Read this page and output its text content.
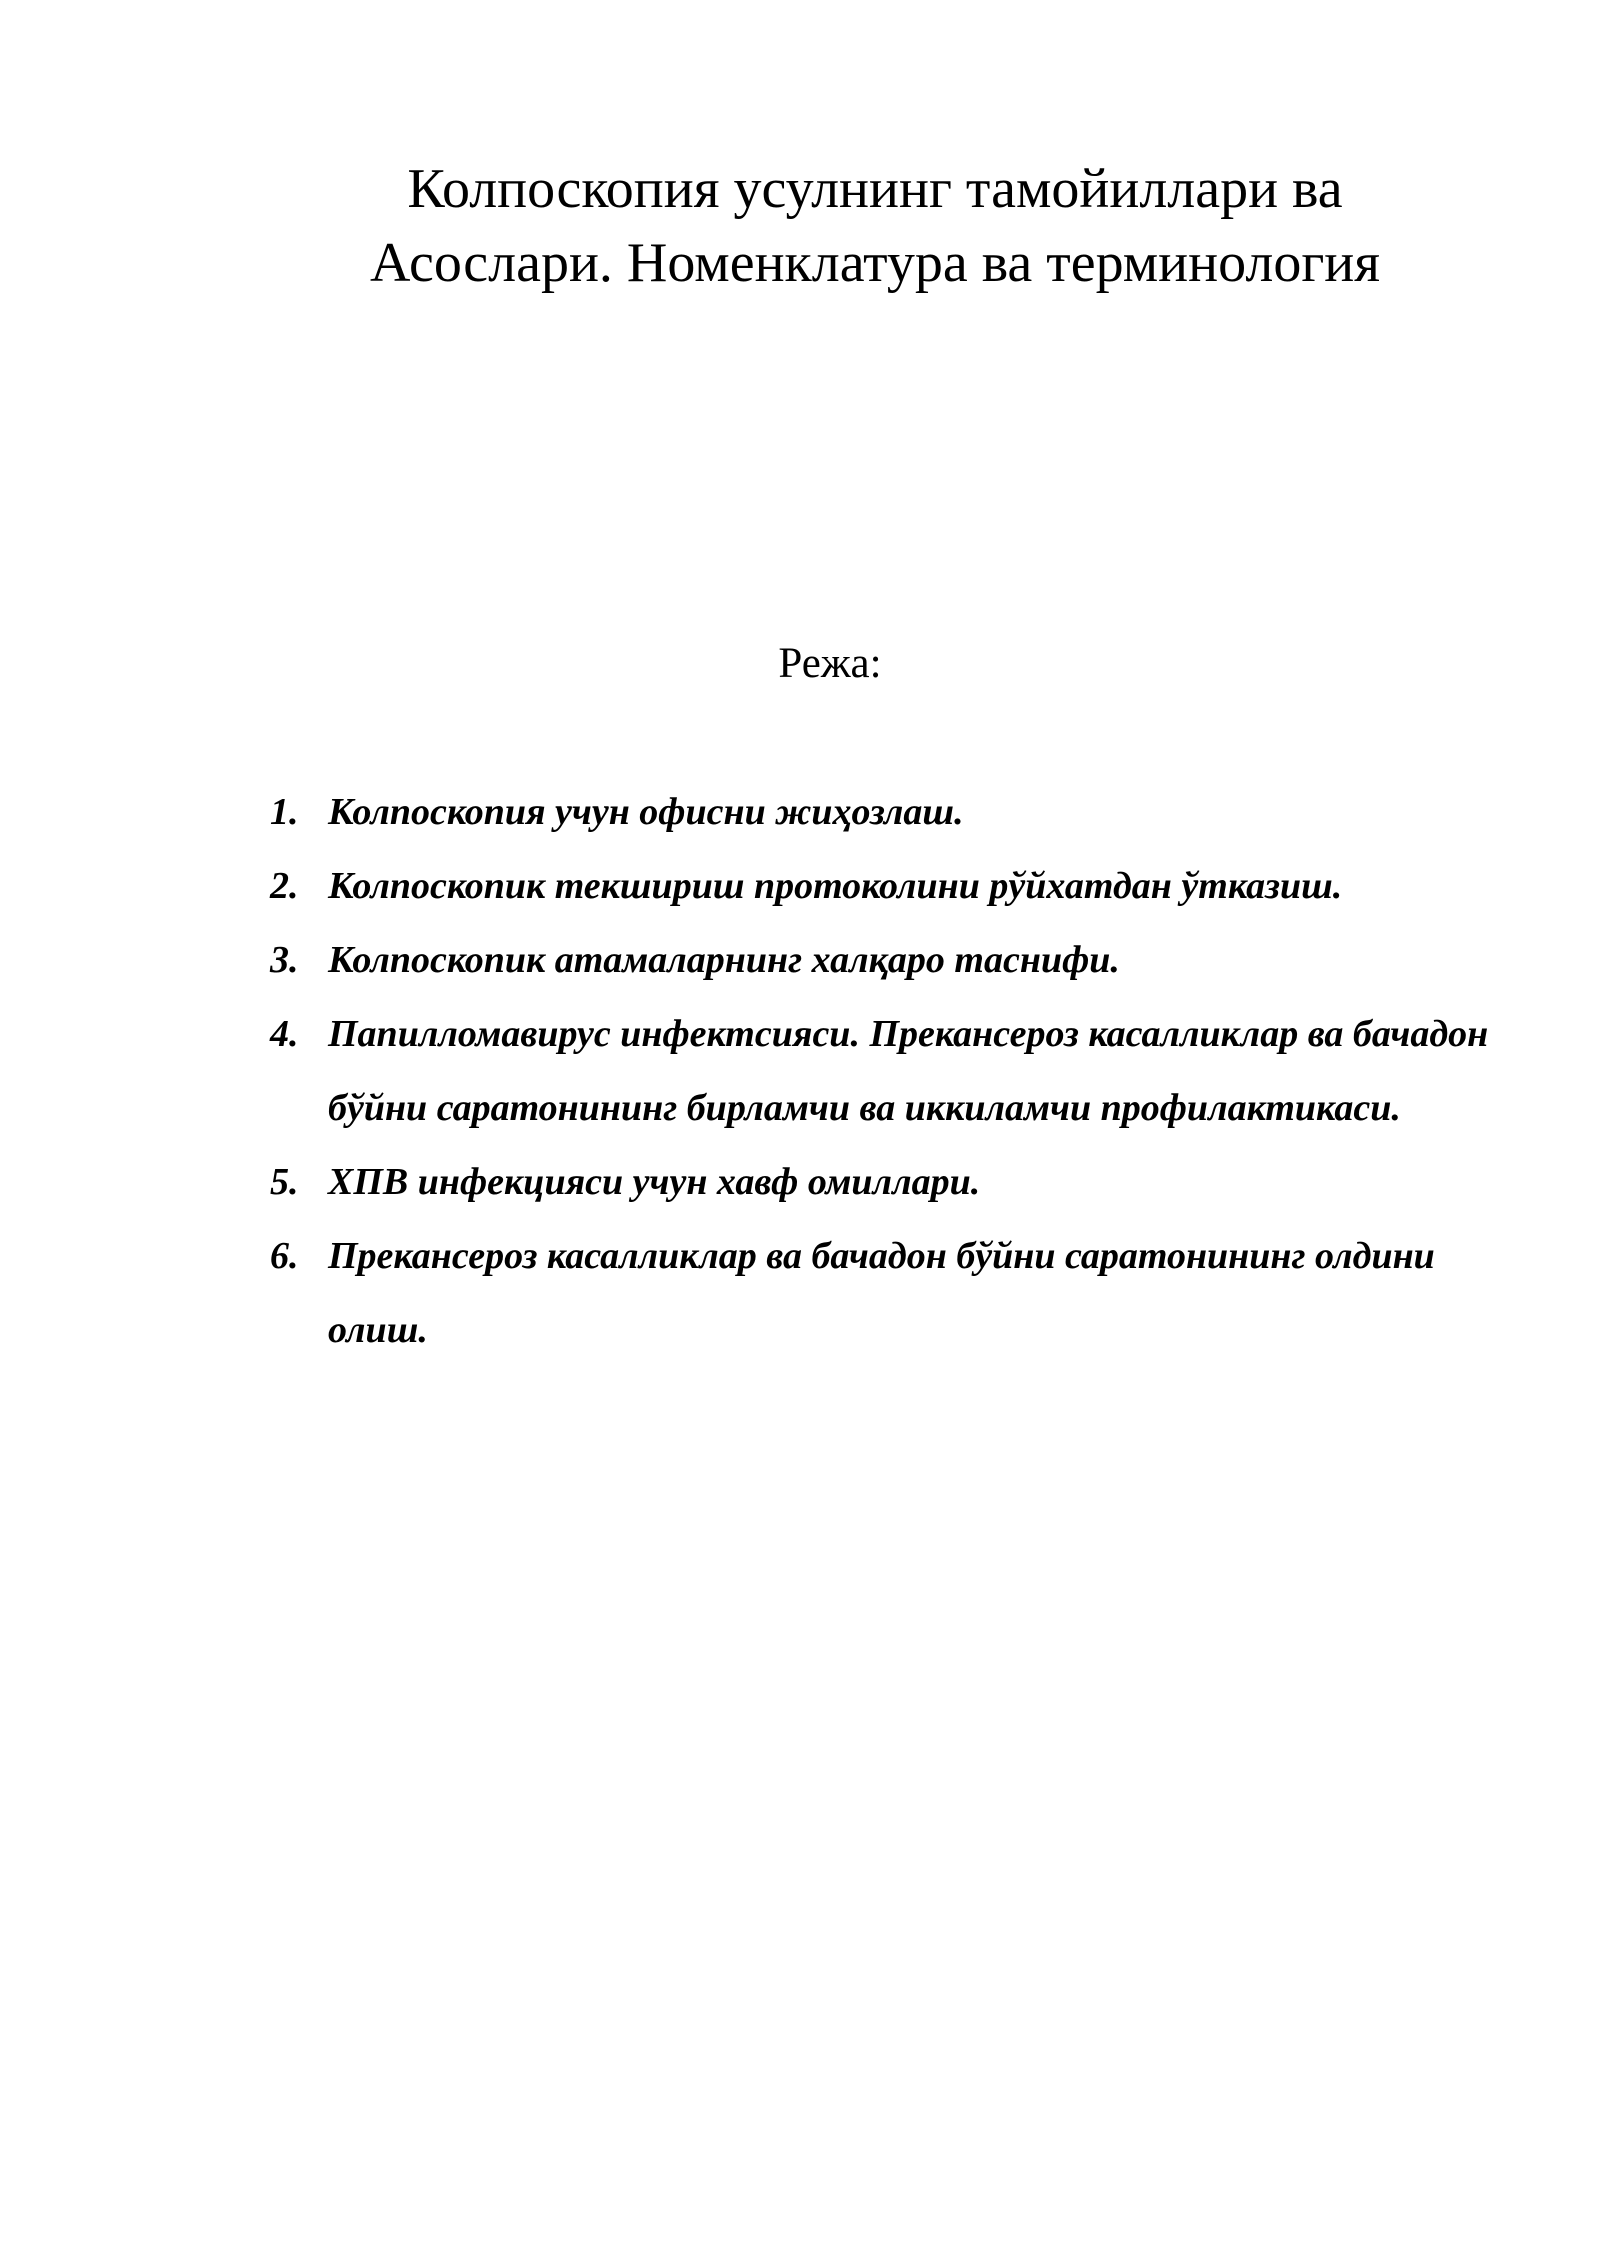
Колпоскопия усулнинг тамойиллари ва
Асослари. Номенклатура ва терминология
Режа:
1. Колпоскопия учун офисни жиҳозлаш.
2. Колпоскопик текшириш протоколини рўйхатдан ўтказиш.
3. Колпоскопик атамаларнинг халқаро таснифи.
4. Папилломавирус инфектсияси. Прекансероз касалликлар ва бачадон бўйни саратонининг бирламчи ва иккиламчи профилактикаси.
5. ХПВ инфекцияси учун хавф омиллари.
6. Прекансероз касалликлар ва бачадон бўйни саратонининг олдини олиш.
